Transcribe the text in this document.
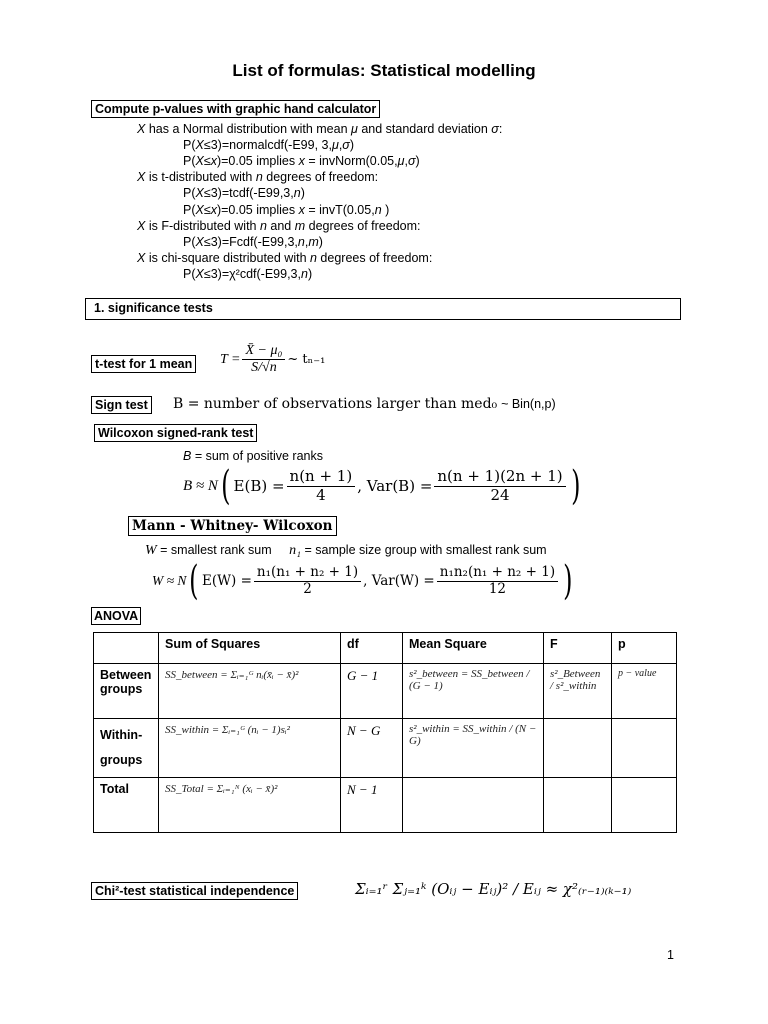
List of formulas: Statistical modelling
Compute p-values with graphic hand calculator
X has a Normal distribution with mean μ and standard deviation σ:
P(X≤3)=normalcdf(-E99, 3,μ,σ)
P(X≤x)=0.05 implies x = invNorm(0.05,μ,σ)
X is t-distributed with n degrees of freedom:
P(X≤3)=tcdf(-E99,3,n)
P(X≤x)=0.05 implies x = invT(0.05,n )
X is F-distributed with n and m degrees of freedom:
P(X≤3)=Fcdf(-E99,3,n,m)
X is chi-square distributed with n degrees of freedom:
P(X≤3)=χ²cdf(-E99,3,n)
1. significance tests
t-test for 1 mean $T = \frac{\text{X̄ − μ₀}}{S/√n}$ ~ tₙ₋₁
Sign test B = number of observations larger than med₀ ~ Bin(n,p)
Wilcoxon signed-rank test
B = sum of positive ranks
B ≈ N ( $E(B) = \frac{n(n + 1)}{4}$ , $Var(B) = \frac{n(n + 1)(2n + 1)}{24}$ )
Mann - Whitney- Wilcoxon
W = smallest rank sum n₁ = sample size group with smallest rank sum
W ≈ N ( $E(W) = \frac{\text{n₁(n₁ + n₂ + 1)}}{2}$ , $Var(W) = \frac{\text{n₁n₂(n₁ + n₂ + 1)}}{12}$ )
ANOVA
	Sum of Squares	df	Mean Square	F	p
Between groups	SS_between = Σᵢ₌₁ᴳ nᵢ(x̄ᵢ − x̄)²	G − 1	s²_between = SS_between / (G − 1)	s²_Between / s²_within	p − value
Within-
groups	SS_within = Σᵢ₌₁ᴳ (nᵢ − 1)sᵢ²	N − G	s²_within = SS_within / (N − G)		
Total	SS_Total = Σᵢ₌₁ᴺ (xᵢ − x̄)²	N − 1			
Chi²-test statistical independence	Σᵢ₌₁ʳ Σⱼ₌₁ᵏ (Oᵢⱼ − Eᵢⱼ)² / Eᵢⱼ ≈ χ²₍ᵣ₋₁₎₍ₖ₋₁₎
1
